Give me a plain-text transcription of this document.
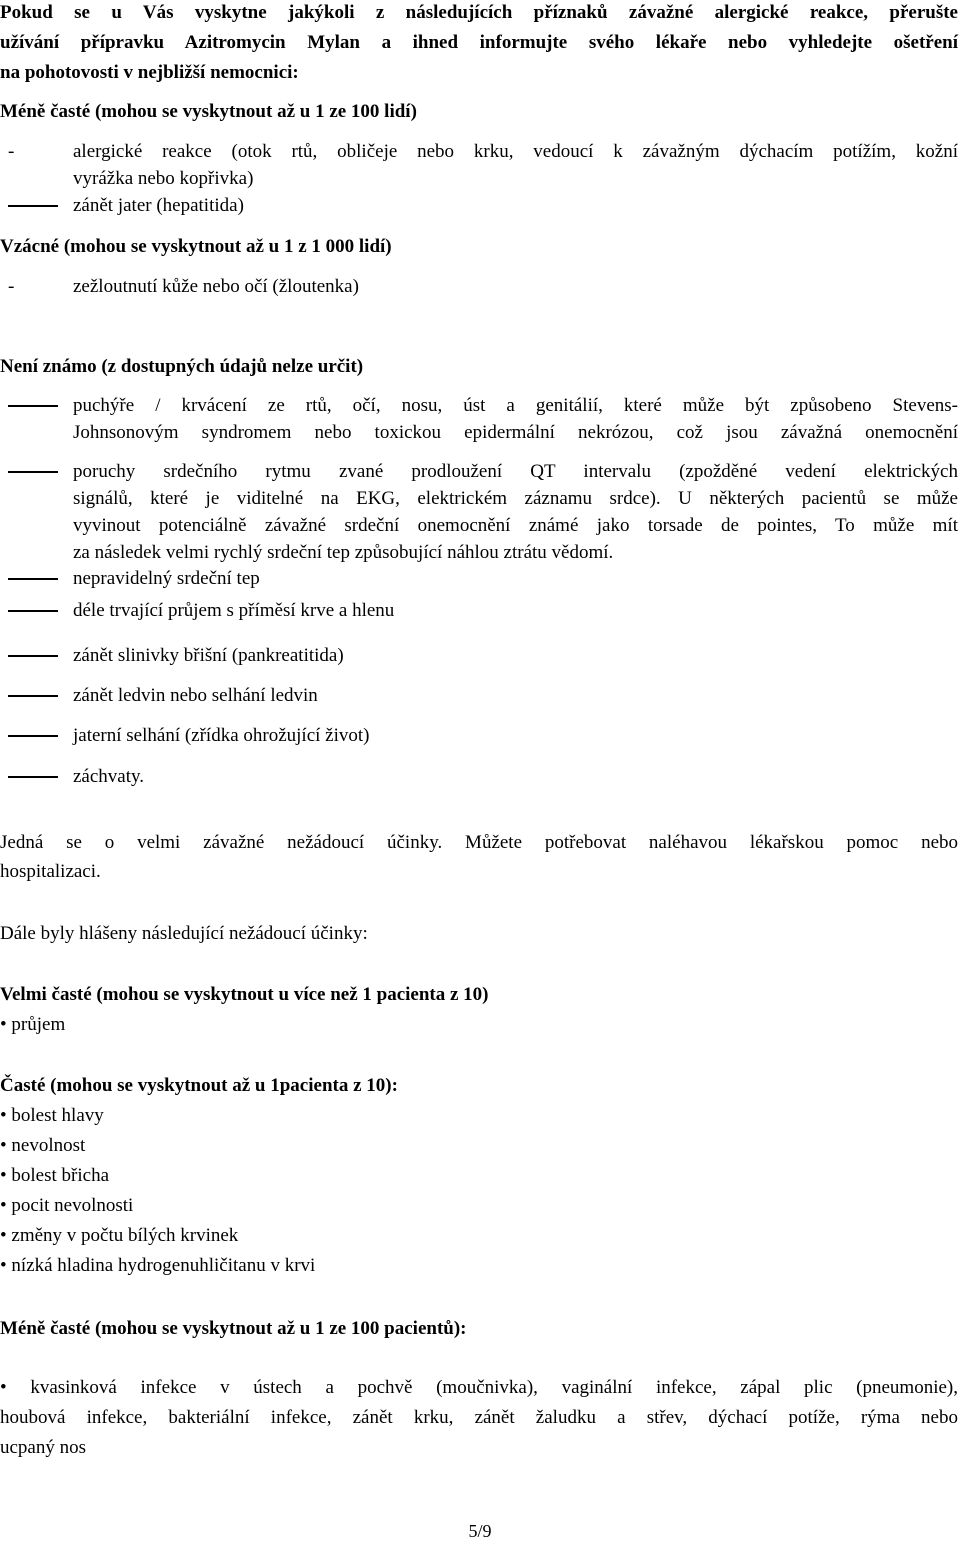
Pokud se u Vás vyskytne jakýkoli z následujících příznaků závažné alergické reakce, přerušte
užívání přípravku Azitromycin Mylan a ihned informujte svého lékaře nebo vyhledejte ošetření
na pohotovosti v nejbližší nemocnici:
Méně časté (mohou se vyskytnout až u 1 ze 100 lidí)
-	alergické reakce (otok rtů, obličeje nebo krku, vedoucí k závažným dýchacím potížím, kožní
vyrážka nebo kopřivka)
zánět jater (hepatitida)
Vzácné (mohou se vyskytnout až u 1 z 1 000 lidí)
-	zežloutnutí kůže nebo očí (žloutenka)
Není známo (z dostupných údajů nelze určit)
puchýře / krvácení ze rtů, očí, nosu, úst a genitálií, které může být způsobeno Stevens-
Johnsonovým syndromem nebo toxickou epidermální nekrózou, což jsou závažná onemocnění
poruchy srdečního rytmu zvané prodloužení QT intervalu (zpožděné vedení elektrických
signálů, které je viditelné na EKG, elektrickém záznamu srdce). U některých pacientů se může
vyvinout potenciálně závažné srdeční onemocnění známé jako torsade de pointes, To může mít
za následek velmi rychlý srdeční tep způsobující náhlou ztrátu vědomí.
nepravidelný srdeční tep
déle trvající průjem s příměsí krve a hlenu
zánět slinivky břišní (pankreatitida)
zánět ledvin nebo selhání ledvin
jaterní selhání (zřídka ohrožující život)
záchvaty.
Jedná se o velmi závažné nežádoucí účinky. Můžete potřebovat naléhavou lékařskou pomoc nebo
hospitalizaci.
Dále byly hlášeny následující nežádoucí účinky:
Velmi časté (mohou se vyskytnout u více než 1 pacienta z 10)
• průjem
Časté (mohou se vyskytnout až u 1pacienta z 10):
• bolest hlavy
• nevolnost
• bolest břicha
• pocit nevolnosti
• změny v počtu bílých krvinek
• nízká hladina hydrogenuhličitanu v krvi
Méně časté (mohou se vyskytnout až u 1 ze 100 pacientů):
• kvasinková infekce v ústech a pochvě (moučnivka), vaginální infekce, zápal plic (pneumonie),
houbová infekce, bakteriální infekce, zánět krku, zánět žaludku a střev, dýchací potíže, rýma nebo
ucpaný nos
5/9
